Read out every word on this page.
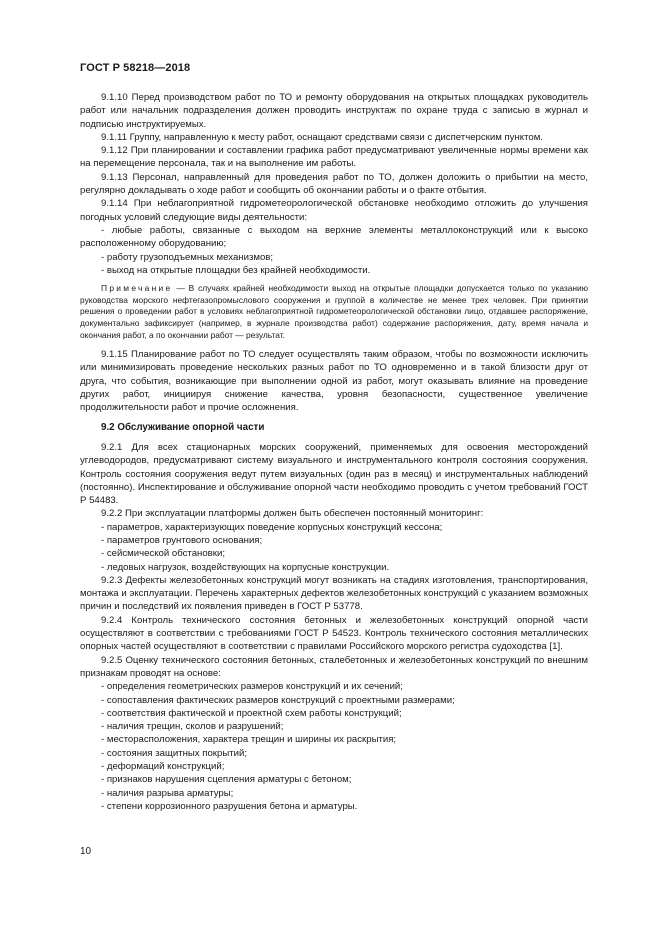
ГОСТ Р 58218—2018

9.1.10 Перед производством работ по ТО и ремонту оборудования на открытых площадках руководитель работ или начальник подразделения должен проводить инструктаж по охране труда с записью в журнал и подписью инструктируемых.

9.1.11 Группу, направленную к месту работ, оснащают средствами связи с диспетчерским пунктом.

9.1.12 При планировании и составлении графика работ предусматривают увеличенные нормы времени как на перемещение персонала, так и на выполнение им работы.

9.1.13 Персонал, направленный для проведения работ по ТО, должен доложить о прибытии на место, регулярно докладывать о ходе работ и сообщить об окончании работы и о факте отбытия.

9.1.14 При неблагоприятной гидрометеорологической обстановке необходимо отложить до улучшения погодных условий следующие виды деятельности:

- любые работы, связанные с выходом на верхние элементы металлоконструкций или к высоко расположенному оборудованию;

- работу грузоподъемных механизмов;

- выход на открытые площадки без крайней необходимости.

Примечание — В случаях крайней необходимости выход на открытые площадки допускается только по указанию руководства морского нефтегазопромыслового сооружения и группой в количестве не менее трех человек. При принятии решения о проведении работ в условиях неблагоприятной гидрометеорологической обстановки лицо, отдавшее распоряжение, документально зафиксирует (например, в журнале производства работ) содержание распоряжения, дату, время начала и окончания работ, а по окончании работ — результат.

9.1.15 Планирование работ по ТО следует осуществлять таким образом, чтобы по возможности исключить или минимизировать проведение нескольких разных работ по ТО одновременно и в такой близости друг от друга, что события, возникающие при выполнении одной из работ, могут оказывать влияние на проведение других работ, инициируя снижение качества, уровня безопасности, существенное увеличение продолжительности работ и прочие осложнения.

9.2 Обслуживание опорной части

9.2.1 Для всех стационарных морских сооружений, применяемых для освоения месторождений углеводородов, предусматривают систему визуального и инструментального контроля состояния сооружения. Контроль состояния сооружения ведут путем визуальных (один раз в месяц) и инструментальных наблюдений (постоянно). Инспектирование и обслуживание опорной части необходимо проводить с учетом требований ГОСТ Р 54483.

9.2.2 При эксплуатации платформы должен быть обеспечен постоянный мониторинг:

- параметров, характеризующих поведение корпусных конструкций кессона;

- параметров грунтового основания;

- сейсмической обстановки;

- ледовых нагрузок, воздействующих на корпусные конструкции.

9.2.3 Дефекты железобетонных конструкций могут возникать на стадиях изготовления, транспортирования, монтажа и эксплуатации. Перечень характерных дефектов железобетонных конструкций с указанием возможных причин и последствий их появления приведен в ГОСТ Р 53778.

9.2.4 Контроль технического состояния бетонных и железобетонных конструкций опорной части осуществляют в соответствии с требованиями ГОСТ Р 54523. Контроль технического состояния металлических опорных частей осуществляют в соответствии с правилами Российского морского регистра судоходства [1].

9.2.5 Оценку технического состояния бетонных, сталебетонных и железобетонных конструкций по внешним признакам проводят на основе:

- определения геометрических размеров конструкций и их сечений;

- сопоставления фактических размеров конструкций с проектными размерами;

- соответствия фактической и проектной схем работы конструкций;

- наличия трещин, сколов и разрушений;

- месторасположения, характера трещин и ширины их раскрытия;

- состояния защитных покрытий;

- деформаций конструкций;

- признаков нарушения сцепления арматуры с бетоном;

- наличия разрыва арматуры;

- степени коррозионного разрушения бетона и арматуры.

10
